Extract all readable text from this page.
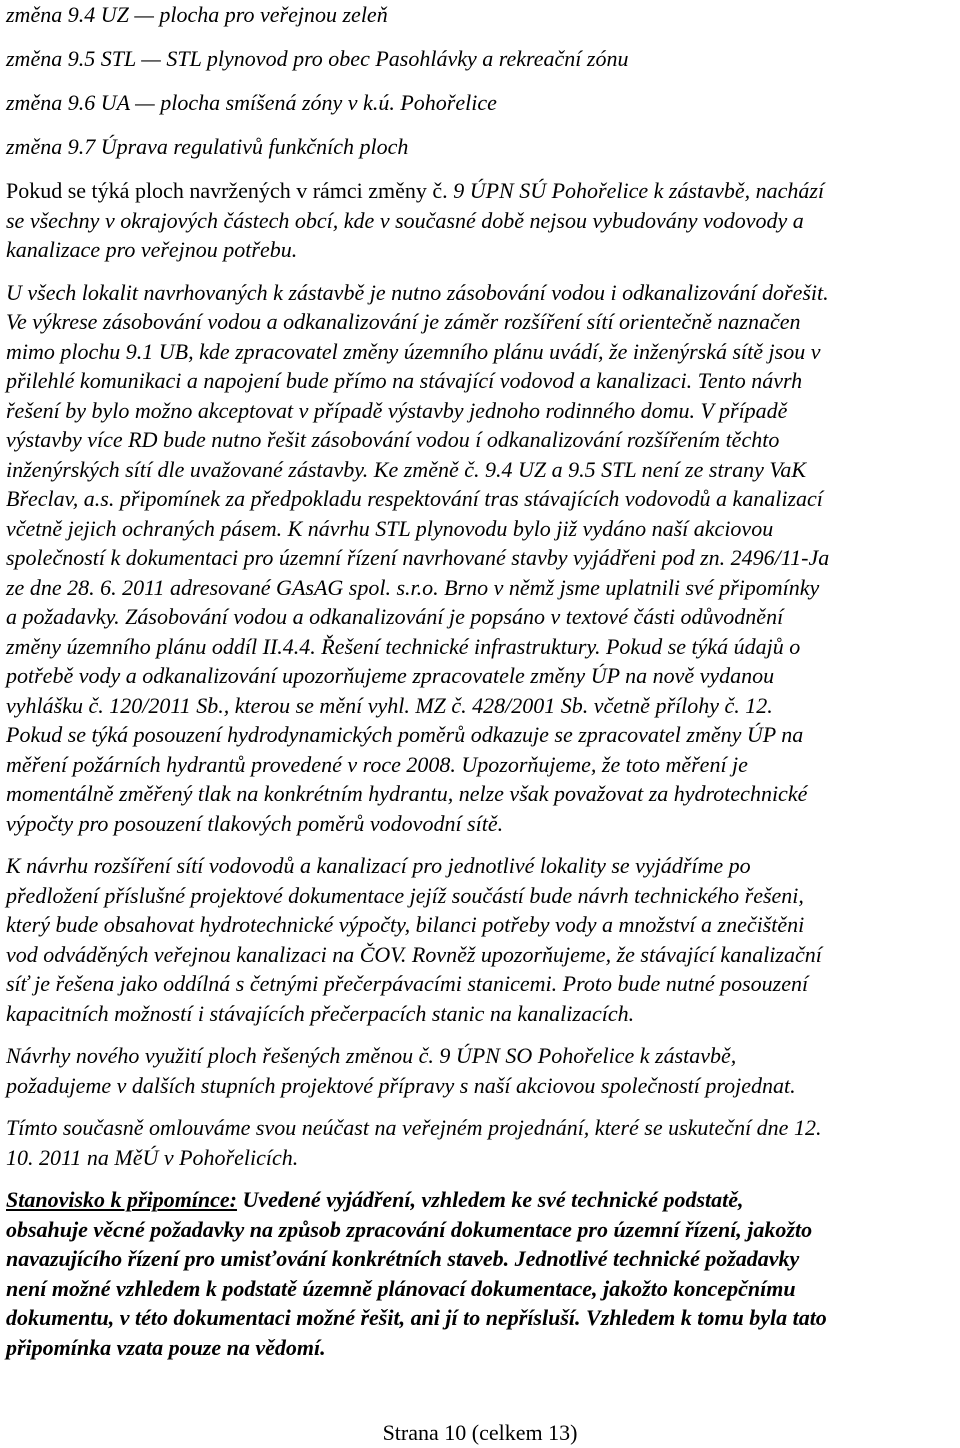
změna 9.4 UZ — plocha pro veřejnou zeleň
změna 9.5 STL — STL plynovod pro obec Pasohlávky a rekreační zónu
změna 9.6 UA — plocha smíšená zóny v k.ú. Pohořelice
změna 9.7 Úprava regulativů funkčních ploch
Pokud se týká ploch navržených v rámci změny č. 9 ÚPN SÚ Pohořelice k zástavbě, nachází
se všechny v okrajových částech obcí, kde v současné době nejsou vybudovány vodovody a
kanalizace pro veřejnou potřebu.
U všech lokalit navrhovaných k zástavbě je nutno zásobování vodou i odkanalizování dořešit.
Ve výkrese zásobování vodou a odkanalizování je záměr rozšíření sítí orientečně naznačen
mimo plochu 9.1 UB, kde zpracovatel změny územního plánu uvádí, že inženýrská sítě jsou v
přilehlé komunikaci a napojení bude přímo na stávající vodovod a kanalizaci. Tento návrh
řešení by bylo možno akceptovat v případě výstavby jednoho rodinného domu. V případě
výstavby více RD bude nutno řešit zásobování vodou í odkanalizování rozšířením těchto
inženýrských sítí dle uvažované zástavby. Ke změně č. 9.4 UZ a 9.5 STL není ze strany VaK
Břeclav, a.s. připomínek za předpokladu respektování tras stávajících vodovodů a kanalizací
včetně jejich ochraných pásem. K návrhu STL plynovodu bylo již vydáno naší akciovou
společností k dokumentaci pro územní řízení navrhované stavby vyjádřeni pod zn. 2496/11-Ja
ze dne 28. 6. 2011 adresované GAsAG spol. s.r.o. Brno v němž jsme uplatnili své připomínky
a požadavky. Zásobování vodou a odkanalizování je popsáno v textové části odůvodnění
změny územního plánu oddíl II.4.4. Řešení technické infrastruktury. Pokud se týká údajů o
potřebě vody a odkanalizování upozorňujeme zpracovatele změny ÚP na nově vydanou
vyhlášku č. 120/2011 Sb., kterou se mění vyhl. MZ č. 428/2001 Sb. včetně přílohy č. 12.
Pokud se týká posouzení hydrodynamických poměrů odkazuje se zpracovatel změny ÚP na
měření požárních hydrantů provedené v roce 2008. Upozorňujeme, že toto měření je
momentálně změřený tlak na konkrétním hydrantu, nelze však považovat za hydrotechnické
výpočty pro posouzení tlakových poměrů vodovodní sítě.
K návrhu rozšíření sítí vodovodů a kanalizací pro jednotlivé lokality se vyjádříme po
předložení příslušné projektové dokumentace jejíž součástí bude návrh technického řešeni,
který bude obsahovat hydrotechnické výpočty, bilanci potřeby vody a množství a znečištěni
vod odváděných veřejnou kanalizaci na ČOV. Rovněž upozorňujeme, že stávající kanalizační
síť je řešena jako oddílná s četnými přečerpávacími stanicemi. Proto bude nutné posouzení
kapacitních možností i stávajících přečerpacích stanic na kanalizacích.
Návrhy nového využití ploch řešených změnou č. 9 ÚPN SO Pohořelice k zástavbě,
požadujeme v dalších stupních projektové přípravy s naší akciovou společností projednat.
Tímto současně omlouváme svou neúčast na veřejném projednání, které se uskuteční dne 12.
10. 2011 na MěÚ v Pohořelicích.
Stanovisko k připomínce: Uvedené vyjádření, vzhledem ke své technické podstatě,
obsahuje věcné požadavky na způsob zpracování dokumentace pro územní řízení, jakožto
navazujícího řízení pro umisťování konkrétních staveb. Jednotlivé technické požadavky
není možné vzhledem k podstatě územně plánovací dokumentace, jakožto koncepčnímu
dokumentu, v této dokumentaci možné řešit, ani jí to nepřísluší. Vzhledem k tomu byla tato
připomínka vzata pouze na vědomí.
Strana 10 (celkem 13)
